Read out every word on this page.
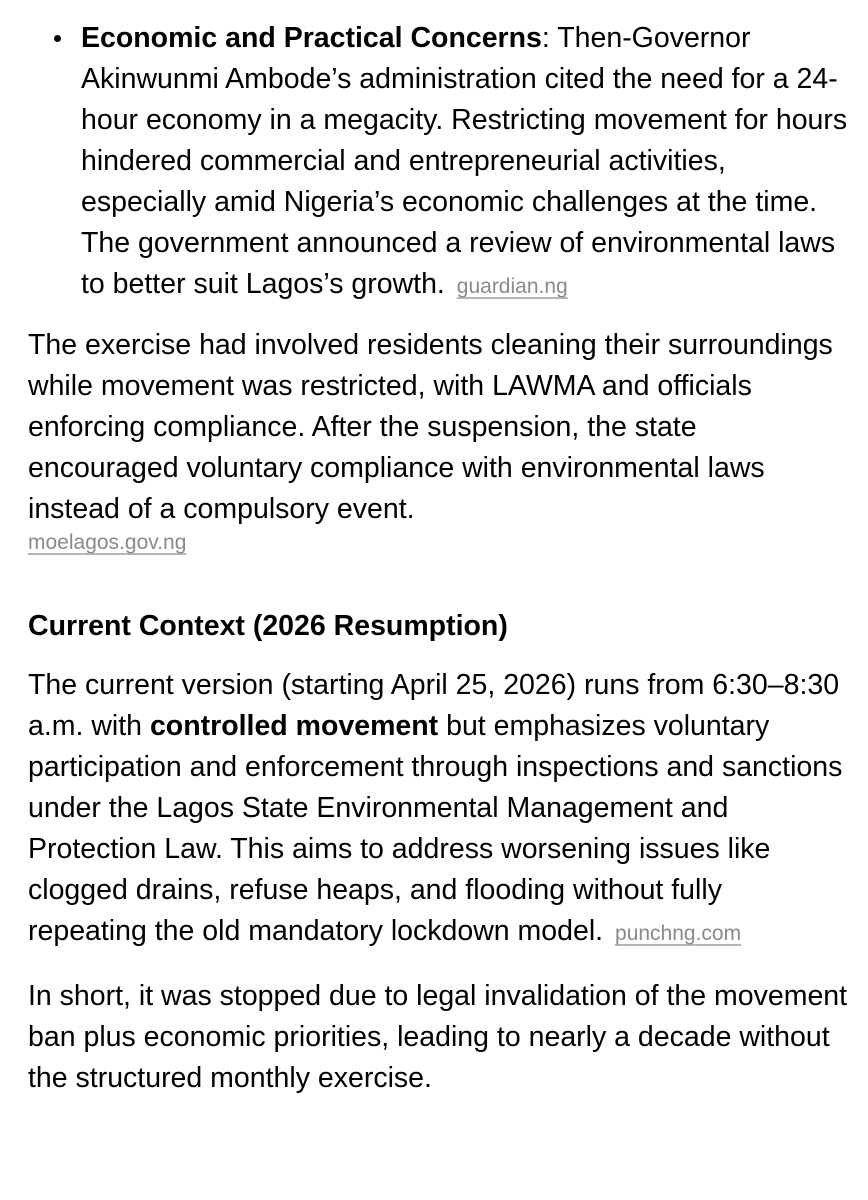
Economic and Practical Concerns: Then-Governor Akinwunmi Ambode’s administration cited the need for a 24-hour economy in a megacity. Restricting movement for hours hindered commercial and entrepreneurial activities, especially amid Nigeria’s economic challenges at the time. The government announced a review of environmental laws to better suit Lagos’s growth. guardian.ng

The exercise had involved residents cleaning their surroundings while movement was restricted, with LAWMA and officials enforcing compliance. After the suspension, the state encouraged voluntary compliance with environmental laws instead of a compulsory event.
moelagos.gov.ng

Current Context (2026 Resumption)

The current version (starting April 25, 2026) runs from 6:30–8:30 a.m. with controlled movement but emphasizes voluntary participation and enforcement through inspections and sanctions under the Lagos State Environmental Management and Protection Law. This aims to address worsening issues like clogged drains, refuse heaps, and flooding without fully repeating the old mandatory lockdown model. punchng.com

In short, it was stopped due to legal invalidation of the movement ban plus economic priorities, leading to nearly a decade without the structured monthly exercise.
